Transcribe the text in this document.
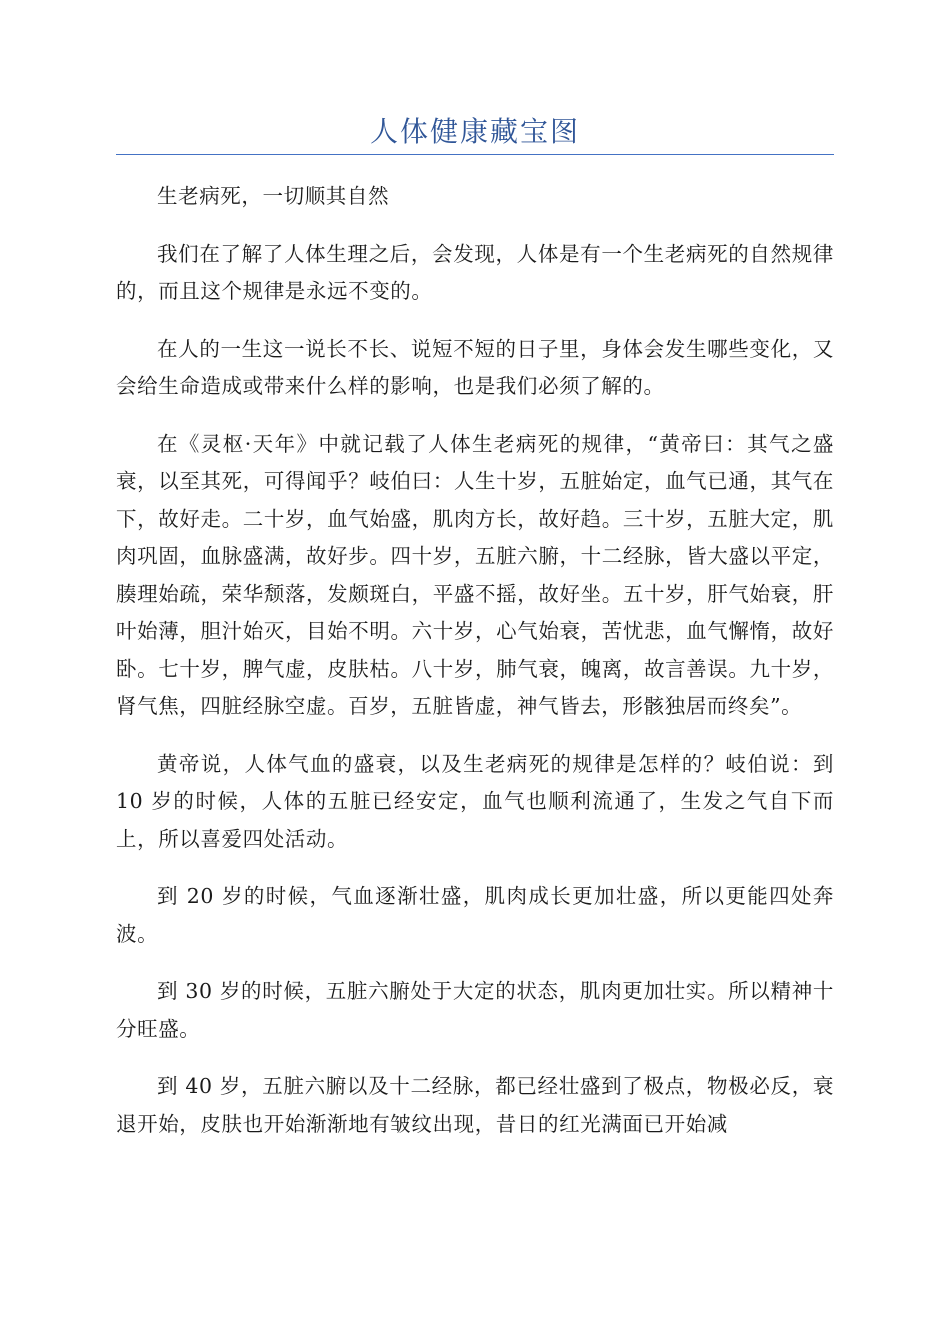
人体健康藏宝图

生老病死，一切顺其自然

我们在了解了人体生理之后，会发现，人体是有一个生老病死的自然规律的，而且这个规律是永远不变的。

在人的一生这一说长不长、说短不短的日子里，身体会发生哪些变化，又会给生命造成或带来什么样的影响，也是我们必须了解的。

在《灵枢·天年》中就记载了人体生老病死的规律，“黄帝曰：其气之盛衰，以至其死，可得闻乎？岐伯曰：人生十岁，五脏始定，血气已通，其气在下，故好走。二十岁，血气始盛，肌肉方长，故好趋。三十岁，五脏大定，肌肉巩固，血脉盛满，故好步。四十岁，五脏六腑，十二经脉，皆大盛以平定，腠理始疏，荣华颓落，发颇斑白，平盛不摇，故好坐。五十岁，肝气始衰，肝叶始薄，胆汁始灭，目始不明。六十岁，心气始衰，苦忧悲，血气懈惰，故好卧。七十岁，脾气虚，皮肤枯。八十岁，肺气衰，魄离，故言善误。九十岁，肾气焦，四脏经脉空虚。百岁，五脏皆虚，神气皆去，形骸独居而终矣”。

黄帝说，人体气血的盛衰，以及生老病死的规律是怎样的？岐伯说：到 10 岁的时候，人体的五脏已经安定，血气也顺利流通了，生发之气自下而上，所以喜爱四处活动。

到 20 岁的时候，气血逐渐壮盛，肌肉成长更加壮盛，所以更能四处奔波。

到 30 岁的时候，五脏六腑处于大定的状态，肌肉更加壮实。所以精神十分旺盛。

到 40 岁，五脏六腑以及十二经脉，都已经壮盛到了极点，物极必反，衰退开始，皮肤也开始渐渐地有皱纹出现，昔日的红光满面已开始减
